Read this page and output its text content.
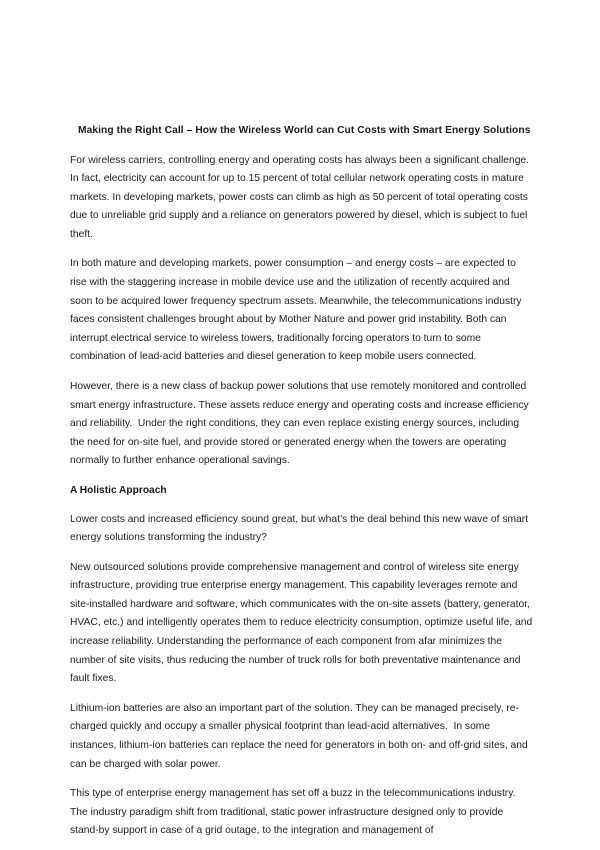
Making the Right Call – How the Wireless World can Cut Costs with Smart Energy Solutions

For wireless carriers, controlling energy and operating costs has always been a significant challenge. In fact, electricity can account for up to 15 percent of total cellular network operating costs in mature markets. In developing markets, power costs can climb as high as 50 percent of total operating costs due to unreliable grid supply and a reliance on generators powered by diesel, which is subject to fuel theft.

In both mature and developing markets, power consumption – and energy costs – are expected to rise with the staggering increase in mobile device use and the utilization of recently acquired and soon to be acquired lower frequency spectrum assets. Meanwhile, the telecommunications industry faces consistent challenges brought about by Mother Nature and power grid instability. Both can interrupt electrical service to wireless towers, traditionally forcing operators to turn to some combination of lead-acid batteries and diesel generation to keep mobile users connected.

However, there is a new class of backup power solutions that use remotely monitored and controlled smart energy infrastructure. These assets reduce energy and operating costs and increase efficiency and reliability.  Under the right conditions, they can even replace existing energy sources, including the need for on-site fuel, and provide stored or generated energy when the towers are operating normally to further enhance operational savings.

A Holistic Approach

Lower costs and increased efficiency sound great, but what’s the deal behind this new wave of smart energy solutions transforming the industry?

New outsourced solutions provide comprehensive management and control of wireless site energy infrastructure, providing true enterprise energy management. This capability leverages remote and site-installed hardware and software, which communicates with the on-site assets (battery, generator, HVAC, etc.) and intelligently operates them to reduce electricity consumption, optimize useful life, and increase reliability. Understanding the performance of each component from afar minimizes the number of site visits, thus reducing the number of truck rolls for both preventative maintenance and fault fixes.

Lithium-ion batteries are also an important part of the solution. They can be managed precisely, re-charged quickly and occupy a smaller physical footprint than lead-acid alternatives.  In some instances, lithium-ion batteries can replace the need for generators in both on- and off-grid sites, and can be charged with solar power.

This type of enterprise energy management has set off a buzz in the telecommunications industry. The industry paradigm shift from traditional, static power infrastructure designed only to provide stand-by support in case of a grid outage, to the integration and management of
